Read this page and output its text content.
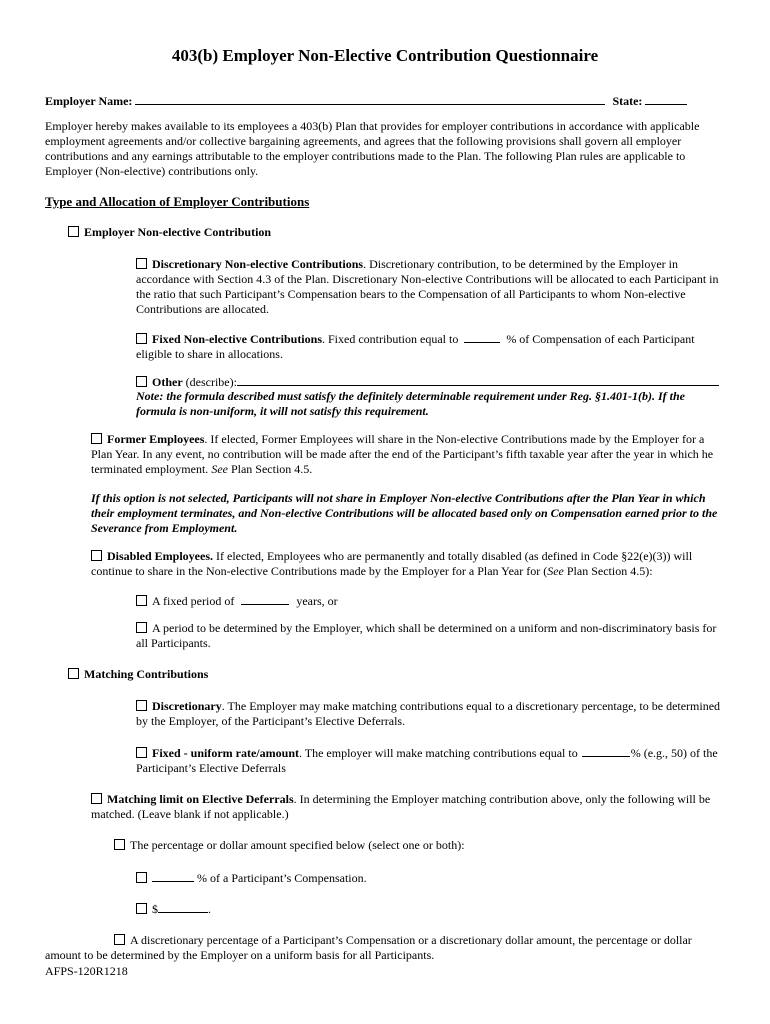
403(b) Employer Non-Elective Contribution Questionnaire
Employer Name:	State:
Employer hereby makes available to its employees a 403(b) Plan that provides for employer contributions in accordance with applicable employment agreements and/or collective bargaining agreements, and agrees that the following provisions shall govern all employer contributions and any earnings attributable to the employer contributions made to the Plan. The following Plan rules are applicable to Employer (Non-elective) contributions only.
Type and Allocation of Employer Contributions
Employer Non-elective Contribution
Discretionary Non-elective Contributions. Discretionary contribution, to be determined by the Employer in accordance with Section 4.3 of the Plan. Discretionary Non-elective Contributions will be allocated to each Participant in the ratio that such Participant’s Compensation bears to the Compensation of all Participants to whom Non-elective Contributions are allocated.
Fixed Non-elective Contributions. Fixed contribution equal to	% of Compensation of each Participant eligible to share in allocations.
Other (describe):
Note: the formula described must satisfy the definitely determinable requirement under Reg. §1.401-1(b). If the formula is non-uniform, it will not satisfy this requirement.
Former Employees. If elected, Former Employees will share in the Non-elective Contributions made by the Employer for a Plan Year. In any event, no contribution will be made after the end of the Participant’s fifth taxable year after the year in which he terminated employment. See Plan Section 4.5.
If this option is not selected, Participants will not share in Employer Non-elective Contributions after the Plan Year in which their employment terminates, and Non-elective Contributions will be allocated based only on Compensation earned prior to the Severance from Employment.
Disabled Employees. If elected, Employees who are permanently and totally disabled (as defined in Code §22(e)(3)) will continue to share in the Non-elective Contributions made by the Employer for a Plan Year for (See Plan Section 4.5):
A fixed period of	years, or
A period to be determined by the Employer, which shall be determined on a uniform and non-discriminatory basis for all Participants.
Matching Contributions
Discretionary. The Employer may make matching contributions equal to a discretionary percentage, to be determined by the Employer, of the Participant’s Elective Deferrals.
Fixed - uniform rate/amount. The employer will make matching contributions equal to	% (e.g., 50) of the Participant’s Elective Deferrals
Matching limit on Elective Deferrals. In determining the Employer matching contribution above, only the following will be matched. (Leave blank if not applicable.)
The percentage or dollar amount specified below (select one or both):
% of a Participant’s Compensation.
$	.
A discretionary percentage of a Participant’s Compensation or a discretionary dollar amount, the percentage or dollar amount to be determined by the Employer on a uniform basis for all Participants.
AFPS-120R1218
